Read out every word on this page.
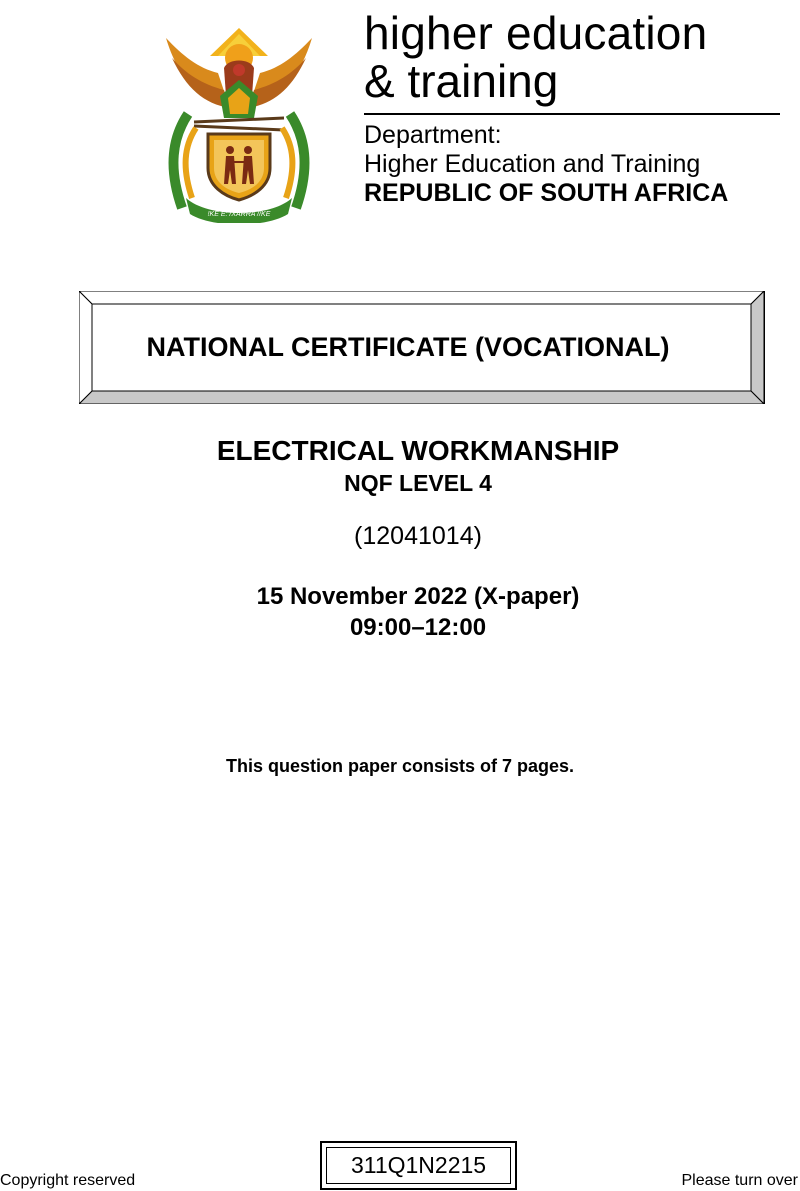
!KE E: /XARRA //KE
higher education
& training
Department:
Higher Education and Training
REPUBLIC OF SOUTH AFRICA
NATIONAL CERTIFICATE (VOCATIONAL)
ELECTRICAL WORKMANSHIP
NQF LEVEL 4
(12041014)
15 November 2022 (X-paper)
09:00–12:00
This question paper consists of 7 pages.
Copyright reserved
311Q1N2215
Please turn over
